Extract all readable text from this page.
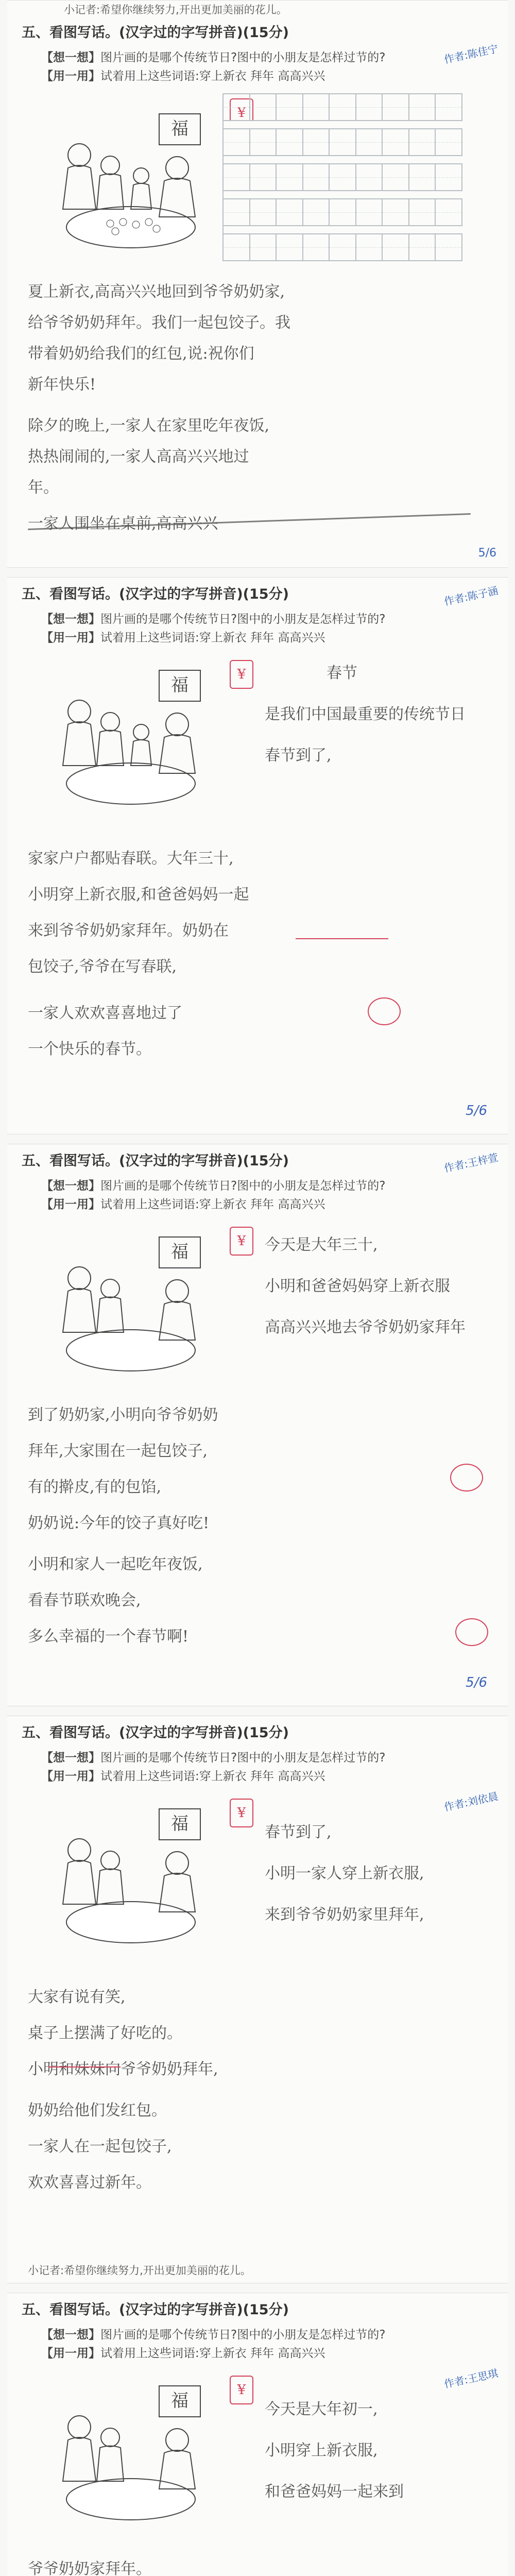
小记者:希望你继续努力,开出更加美丽的花儿。
五、看图写话。(汉字过的字写拼音)(15分)
【想一想】图片画的是哪个传统节日?图中的小朋友是怎样过节的?
【用一用】试着用上这些词语:穿上新衣 拜年 高高兴兴
作者:陈佳宁
福
¥
夏上新衣,高高兴兴地回到爷爷奶奶家,
给爷爷奶奶拜年。我们一起包饺子。我
带着奶奶给我们的红包,说:祝你们
新年快乐!
除夕的晚上,一家人在家里吃年夜饭,
热热闹闹的,一家人高高兴兴地过
年。
一家人围坐在桌前,高高兴兴
5/6
五、看图写话。(汉字过的字写拼音)(15分)
【想一想】图片画的是哪个传统节日?图中的小朋友是怎样过节的?
【用一用】试着用上这些词语:穿上新衣 拜年 高高兴兴
作者:陈子涵
福
¥	春节
是我们中国最重要的传统节日
春节到了,
家家户户都贴春联。大年三十,
小明穿上新衣服,和爸爸妈妈一起
来到爷爷奶奶家拜年。奶奶在
包饺子,爷爷在写春联,
一家人欢欢喜喜地过了
一个快乐的春节。
5/6
五、看图写话。(汉字过的字写拼音)(15分)
【想一想】图片画的是哪个传统节日?图中的小朋友是怎样过节的?
【用一用】试着用上这些词语:穿上新衣 拜年 高高兴兴
作者:王梓萱
福
¥	今天是大年三十,
小明和爸爸妈妈穿上新衣服
高高兴兴地去爷爷奶奶家拜年
到了奶奶家,小明向爷爷奶奶
拜年,大家围在一起包饺子,
有的擀皮,有的包馅,
奶奶说:今年的饺子真好吃!
小明和家人一起吃年夜饭,
看春节联欢晚会,
多么幸福的一个春节啊!
5/6
五、看图写话。(汉字过的字写拼音)(15分)
【想一想】图片画的是哪个传统节日?图中的小朋友是怎样过节的?
【用一用】试着用上这些词语:穿上新衣 拜年 高高兴兴
作者:刘依晨
福
¥
春节到了,
小明一家人穿上新衣服,
来到爷爷奶奶家里拜年,
大家有说有笑,
桌子上摆满了好吃的。
小明和妹妹向爷爷奶奶拜年,
奶奶给他们发红包。
一家人在一起包饺子,
欢欢喜喜过新年。
小记者:希望你继续努力,开出更加美丽的花儿。
五、看图写话。(汉字过的字写拼音)(15分)
【想一想】图片画的是哪个传统节日?图中的小朋友是怎样过节的?
【用一用】试着用上这些词语:穿上新衣 拜年 高高兴兴
作者:王思琪
福
¥
今天是大年初一,
小明穿上新衣服,
和爸爸妈妈一起来到
爷爷奶奶家拜年。
